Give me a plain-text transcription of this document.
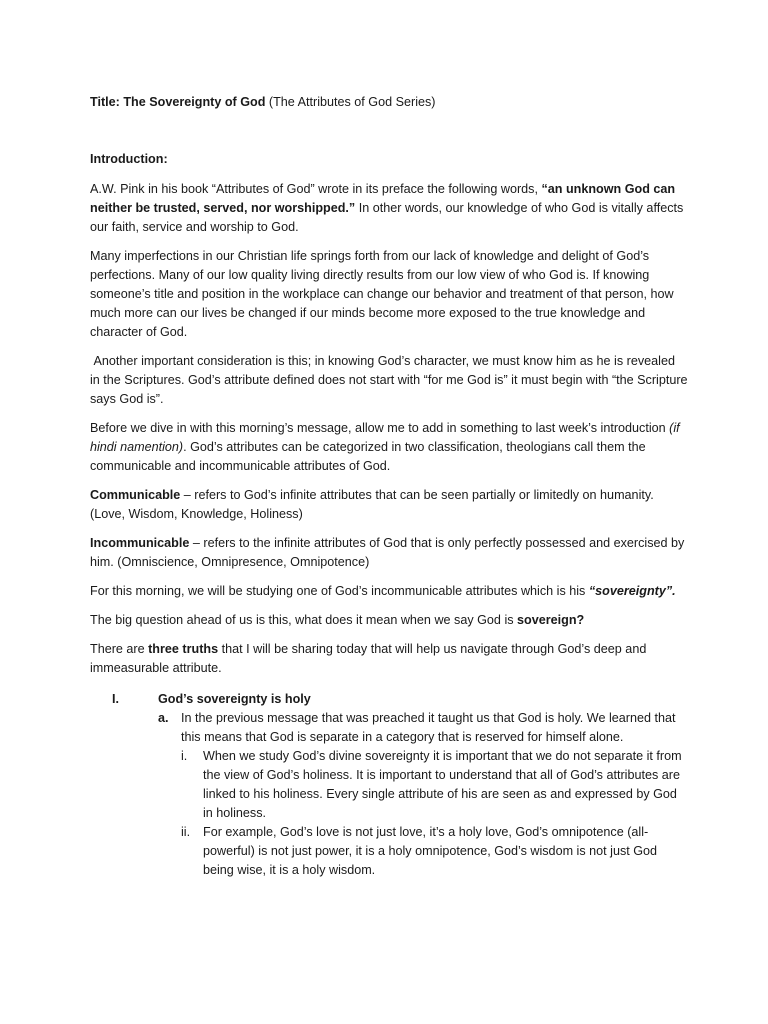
Title: The Sovereignty of God (The Attributes of God Series)

Introduction:

A.W. Pink in his book “Attributes of God” wrote in its preface the following words, “an unknown God can neither be trusted, served, nor worshipped.” In other words, our knowledge of who God is vitally affects our faith, service and worship to God.

Many imperfections in our Christian life springs forth from our lack of knowledge and delight of God’s perfections. Many of our low quality living directly results from our low view of who God is. If knowing someone’s title and position in the workplace can change our behavior and treatment of that person, how much more can our lives be changed if our minds become more exposed to the true knowledge and character of God.

Another important consideration is this; in knowing God’s character, we must know him as he is revealed in the Scriptures. God’s attribute defined does not start with “for me God is” it must begin with “the Scripture says God is”.

Before we dive in with this morning’s message, allow me to add in something to last week’s introduction (if hindi namention). God’s attributes can be categorized in two classification, theologians call them the communicable and incommunicable attributes of God.

Communicable – refers to God’s infinite attributes that can be seen partially or limitedly on humanity. (Love, Wisdom, Knowledge, Holiness)

Incommunicable – refers to the infinite attributes of God that is only perfectly possessed and exercised by him. (Omniscience, Omnipresence, Omnipotence)

For this morning, we will be studying one of God’s incommunicable attributes which is his “sovereignty”.

The big question ahead of us is this, what does it mean when we say God is sovereign?

There are three truths that I will be sharing today that will help us navigate through God’s deep and immeasurable attribute.

I.	God’s sovereignty is holy
a. In the previous message that was preached it taught us that God is holy. We learned that this means that God is separate in a category that is reserved for himself alone.
i. When we study God’s divine sovereignty it is important that we do not separate it from the view of God’s holiness. It is important to understand that all of God’s attributes are linked to his holiness. Every single attribute of his are seen as and expressed by God in holiness.
ii. For example, God’s love is not just love, it’s a holy love, God’s omnipotence (all-powerful) is not just power, it is a holy omnipotence, God’s wisdom is not just God being wise, it is a holy wisdom.
